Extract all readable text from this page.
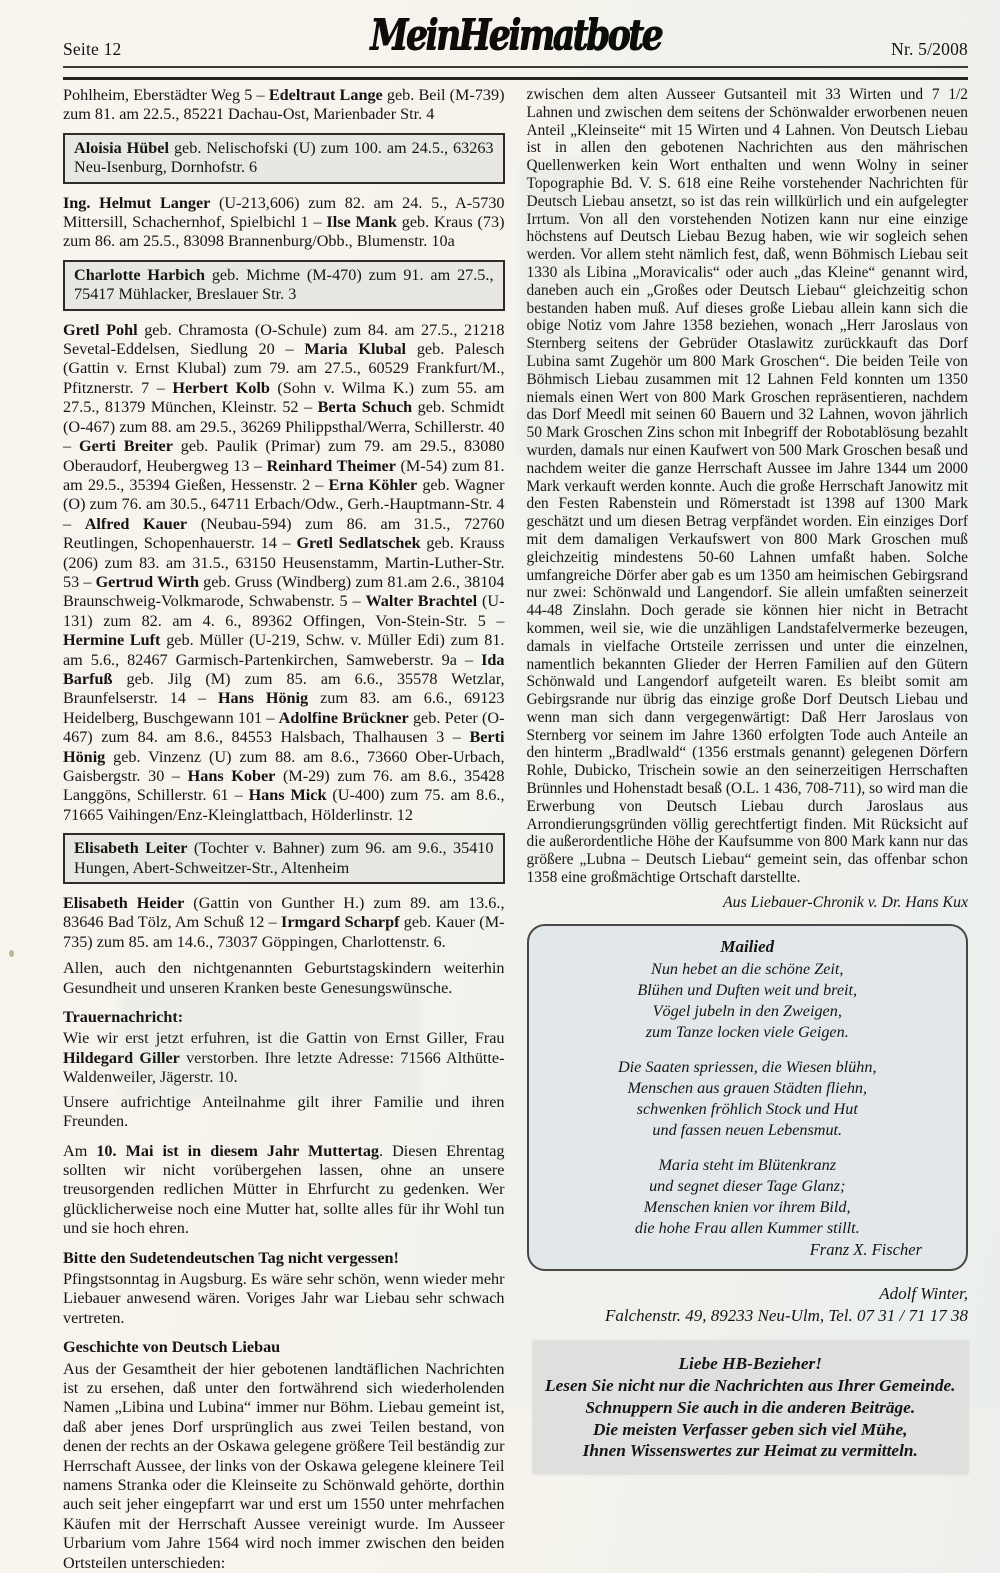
Seite 12	MeinHeimatbote	Nr. 5/2008

Pohlheim, Eberstädter Weg 5 – Edeltraut Lange geb. Beil (M-739) zum 81. am 22.5., 85221 Dachau-Ost, Marienbader Str. 4

Aloisia Hübel geb. Nelischofski (U) zum 100. am 24.5., 63263 Neu-Isenburg, Dornhofstr. 6

Ing. Helmut Langer (U-213,606) zum 82. am 24. 5., A-5730 Mittersill, Schachernhof, Spielbichl 1 – Ilse Mank geb. Kraus (73) zum 86. am 25.5., 83098 Brannenburg/Obb., Blumenstr. 10a

Charlotte Harbich geb. Michme (M-470) zum 91. am 27.5., 75417 Mühlacker, Breslauer Str. 3

Gretl Pohl geb. Chramosta (O-Schule) zum 84. am 27.5., 21218 Sevetal-Eddelsen, Siedlung 20 – Maria Klubal geb. Palesch (Gattin v. Ernst Klubal) zum 79. am 27.5., 60529 Frankfurt/M., Pfitznerstr. 7 – Herbert Kolb (Sohn v. Wilma K.) zum 55. am 27.5., 81379 München, Kleinstr. 52 – Berta Schuch geb. Schmidt (O-467) zum 88. am 29.5., 36269 Philippsthal/Werra, Schillerstr. 40 – Gerti Breiter geb. Paulik (Primar) zum 79. am 29.5., 83080 Oberaudorf, Heubergweg 13 – Reinhard Theimer (M-54) zum 81. am 29.5., 35394 Gießen, Hessenstr. 2 – Erna Köhler geb. Wagner (O) zum 76. am 30.5., 64711 Erbach/Odw., Gerh.-Hauptmann-Str. 4 – Alfred Kauer (Neubau-594) zum 86. am 31.5., 72760 Reutlingen, Schopenhauerstr. 14 – Gretl Sedlatschek geb. Krauss (206) zum 83. am 31.5., 63150 Heusenstamm, Martin-Luther-Str. 53 – Gertrud Wirth geb. Gruss (Windberg) zum 81.am 2.6., 38104 Braunschweig-Volkmarode, Schwabenstr. 5 – Walter Brachtel (U-131) zum 82. am 4. 6., 89362 Offingen, Von-Stein-Str. 5 – Hermine Luft geb. Müller (U-219, Schw. v. Müller Edi) zum 81. am 5.6., 82467 Garmisch-Partenkirchen, Samweberstr. 9a – Ida Barfuß geb. Jilg (M) zum 85. am 6.6., 35578 Wetzlar, Braunfelserstr. 14 – Hans Hönig zum 83. am 6.6., 69123 Heidelberg, Buschgewann 101 – Adolfine Brückner geb. Peter (O-467) zum 84. am 8.6., 84553 Halsbach, Thalhausen 3 – Berti Hönig geb. Vinzenz (U) zum 88. am 8.6., 73660 Ober-Urbach, Gaisbergstr. 30 – Hans Kober (M-29) zum 76. am 8.6., 35428 Langgöns, Schillerstr. 61 – Hans Mick (U-400) zum 75. am 8.6., 71665 Vaihingen/Enz-Kleinglattbach, Hölderlinstr. 12

Elisabeth Leiter (Tochter v. Bahner) zum 96. am 9.6., 35410 Hungen, Abert-Schweitzer-Str., Altenheim

Elisabeth Heider (Gattin von Gunther H.) zum 89. am 13.6., 83646 Bad Tölz, Am Schuß 12 – Irmgard Scharpf geb. Kauer (M-735) zum 85. am 14.6., 73037 Göppingen, Charlottenstr. 6.

Allen, auch den nichtgenannten Geburtstagskindern weiterhin Gesundheit und unseren Kranken beste Genesungswünsche.

Trauernachricht:

Wie wir erst jetzt erfuhren, ist die Gattin von Ernst Giller, Frau Hildegard Giller verstorben. Ihre letzte Adresse: 71566 Althütte-Waldenweiler, Jägerstr. 10.

Unsere aufrichtige Anteilnahme gilt ihrer Familie und ihren Freunden.

Am 10. Mai ist in diesem Jahr Muttertag. Diesen Ehrentag sollten wir nicht vorübergehen lassen, ohne an unsere treusorgenden redlichen Mütter in Ehrfurcht zu gedenken. Wer glücklicherweise noch eine Mutter hat, sollte alles für ihr Wohl tun und sie hoch ehren.

Bitte den Sudetendeutschen Tag nicht vergessen!

Pfingstsonntag in Augsburg. Es wäre sehr schön, wenn wieder mehr Liebauer anwesend wären. Voriges Jahr war Liebau sehr schwach vertreten.

Geschichte von Deutsch Liebau

Aus der Gesamtheit der hier gebotenen landtäflichen Nachrichten ist zu ersehen, daß unter den fortwährend sich wiederholenden Namen „Libina und Lubina“ immer nur Böhm. Liebau gemeint ist, daß aber jenes Dorf ursprünglich aus zwei Teilen bestand, von denen der rechts an der Oskawa gelegene größere Teil beständig zur Herrschaft Aussee, der links von der Oskawa gelegene kleinere Teil namens Stranka oder die Kleinseite zu Schönwald gehörte, dorthin auch seit jeher eingepfarrt war und erst um 1550 unter mehrfachen Käufen mit der Herrschaft Aussee vereinigt wurde. Im Ausseer Urbarium vom Jahre 1564 wird noch immer zwischen den beiden Ortsteilen unterschieden:

zwischen dem alten Ausseer Gutsanteil mit 33 Wirten und 7 1/2 Lahnen und zwischen dem seitens der Schönwalder erworbenen neuen Anteil „Kleinseite“ mit 15 Wirten und 4 Lahnen. Von Deutsch Liebau ist in allen den gebotenen Nachrichten aus den mährischen Quellenwerken kein Wort enthalten und wenn Wolny in seiner Topographie Bd. V. S. 618 eine Reihe vorstehender Nachrichten für Deutsch Liebau ansetzt, so ist das rein willkürlich und ein aufgelegter Irrtum. Von all den vorstehenden Notizen kann nur eine einzige höchstens auf Deutsch Liebau Bezug haben, wie wir sogleich sehen werden. Vor allem steht nämlich fest, daß, wenn Böhmisch Liebau seit 1330 als Libina „Moravicalis“ oder auch „das Kleine“ genannt wird, daneben auch ein „Großes oder Deutsch Liebau“ gleichzeitig schon bestanden haben muß. Auf dieses große Liebau allein kann sich die obige Notiz vom Jahre 1358 beziehen, wonach „Herr Jaroslaus von Sternberg seitens der Gebrüder Otaslawitz zurückkauft das Dorf Lubina samt Zugehör um 800 Mark Groschen“. Die beiden Teile von Böhmisch Liebau zusammen mit 12 Lahnen Feld konnten um 1350 niemals einen Wert von 800 Mark Groschen repräsentieren, nachdem das Dorf Meedl mit seinen 60 Bauern und 32 Lahnen, wovon jährlich 50 Mark Groschen Zins schon mit Inbegriff der Robotablösung bezahlt wurden, damals nur einen Kaufwert von 500 Mark Groschen besaß und nachdem weiter die ganze Herrschaft Aussee im Jahre 1344 um 2000 Mark verkauft werden konnte. Auch die große Herrschaft Janowitz mit den Festen Rabenstein und Römerstadt ist 1398 auf 1300 Mark geschätzt und um diesen Betrag verpfändet worden. Ein einziges Dorf mit dem damaligen Verkaufswert von 800 Mark Groschen muß gleichzeitig mindestens 50-60 Lahnen umfaßt haben. Solche umfangreiche Dörfer aber gab es um 1350 am heimischen Gebirgsrand nur zwei: Schönwald und Langendorf. Sie allein umfaßten seinerzeit 44-48 Zinslahn. Doch gerade sie können hier nicht in Betracht kommen, weil sie, wie die unzähligen Landstafelvermerke bezeugen, damals in vielfache Ortsteile zerrissen und unter die einzelnen, namentlich bekannten Glieder der Herren Familien auf den Gütern Schönwald und Langendorf aufgeteilt waren. Es bleibt somit am Gebirgsrande nur übrig das einzige große Dorf Deutsch Liebau und wenn man sich dann vergegenwärtigt: Daß Herr Jaroslaus von Sternberg vor seinem im Jahre 1360 erfolgten Tode auch Anteile an den hinterm „Bradlwald“ (1356 erstmals genannt) gelegenen Dörfern Rohle, Dubicko, Trischein sowie an den seinerzeitigen Herrschaften Brünnles und Hohenstadt besaß (O.L. 1 436, 708-711), so wird man die Erwerbung von Deutsch Liebau durch Jaroslaus aus Arrondierungsgründen völlig gerechtfertigt finden. Mit Rücksicht auf die außerordentliche Höhe der Kaufsumme von 800 Mark kann nur das größere „Lubna – Deutsch Liebau“ gemeint sein, das offenbar schon 1358 eine großmächtige Ortschaft darstellte.

Aus Liebauer-Chronik v. Dr. Hans Kux
Mailied
Nun hebet an die schöne Zeit,
Blühen und Duften weit und breit,
Vögel jubeln in den Zweigen,
zum Tanze locken viele Geigen.
Die Saaten spriessen, die Wiesen blühn,
Menschen aus grauen Städten fliehn,
schwenken fröhlich Stock und Hut
und fassen neuen Lebensmut.
Maria steht im Blütenkranz
und segnet dieser Tage Glanz;
Menschen knien vor ihrem Bild,
die hohe Frau allen Kummer stillt.
Franz X. Fischer
Adolf Winter,
Falchenstr. 49, 89233 Neu-Ulm, Tel. 07 31 / 71 17 38
Liebe HB-Bezieher!
Lesen Sie nicht nur die Nachrichten aus Ihrer Gemeinde.
Schnuppern Sie auch in die anderen Beiträge.
Die meisten Verfasser geben sich viel Mühe,
Ihnen Wissenswertes zur Heimat zu vermitteln.
